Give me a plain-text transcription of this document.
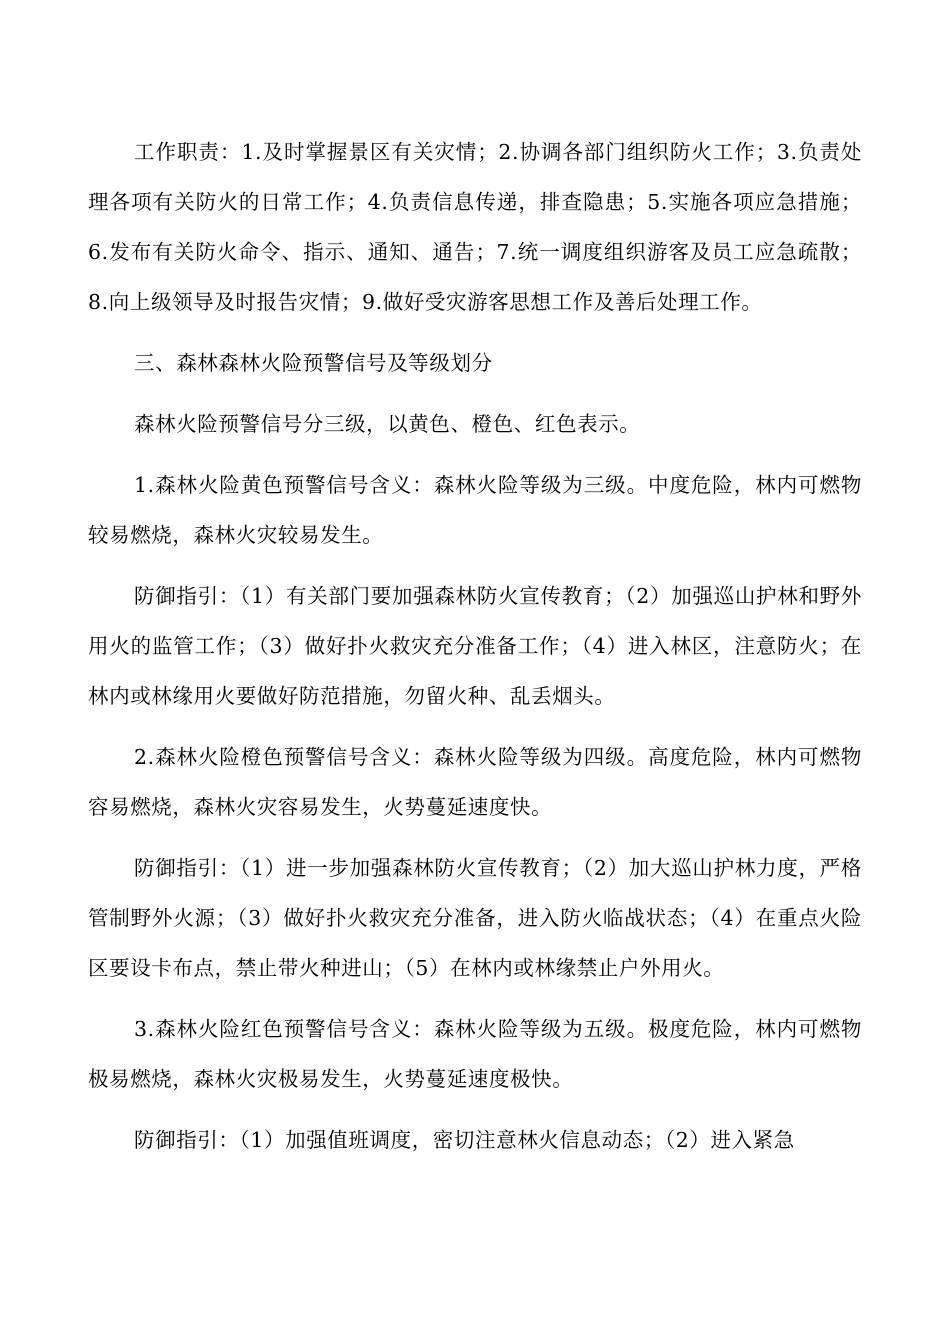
工作职责：1.及时掌握景区有关灾情；2.协调各部门组织防火工作；3.负责处理各项有关防火的日常工作；4.负责信息传递，排查隐患；5.实施各项应急措施；6.发布有关防火命令、指示、通知、通告；7.统一调度组织游客及员工应急疏散；8.向上级领导及时报告灾情；9.做好受灾游客思想工作及善后处理工作。

三、森林森林火险预警信号及等级划分

森林火险预警信号分三级，以黄色、橙色、红色表示。

1.森林火险黄色预警信号含义：森林火险等级为三级。中度危险，林内可燃物较易燃烧，森林火灾较易发生。

防御指引：（1）有关部门要加强森林防火宣传教育；（2）加强巡山护林和野外用火的监管工作；（3）做好扑火救灾充分准备工作；（4）进入林区，注意防火；在林内或林缘用火要做好防范措施，勿留火种、乱丢烟头。

2.森林火险橙色预警信号含义：森林火险等级为四级。高度危险，林内可燃物容易燃烧，森林火灾容易发生，火势蔓延速度快。

防御指引：（1）进一步加强森林防火宣传教育；（2）加大巡山护林力度，严格管制野外火源；（3）做好扑火救灾充分准备，进入防火临战状态；（4）在重点火险区要设卡布点，禁止带火种进山；（5）在林内或林缘禁止户外用火。

3.森林火险红色预警信号含义：森林火险等级为五级。极度危险，林内可燃物极易燃烧，森林火灾极易发生，火势蔓延速度极快。

防御指引：（1）加强值班调度，密切注意林火信息动态；（2）进入紧急
